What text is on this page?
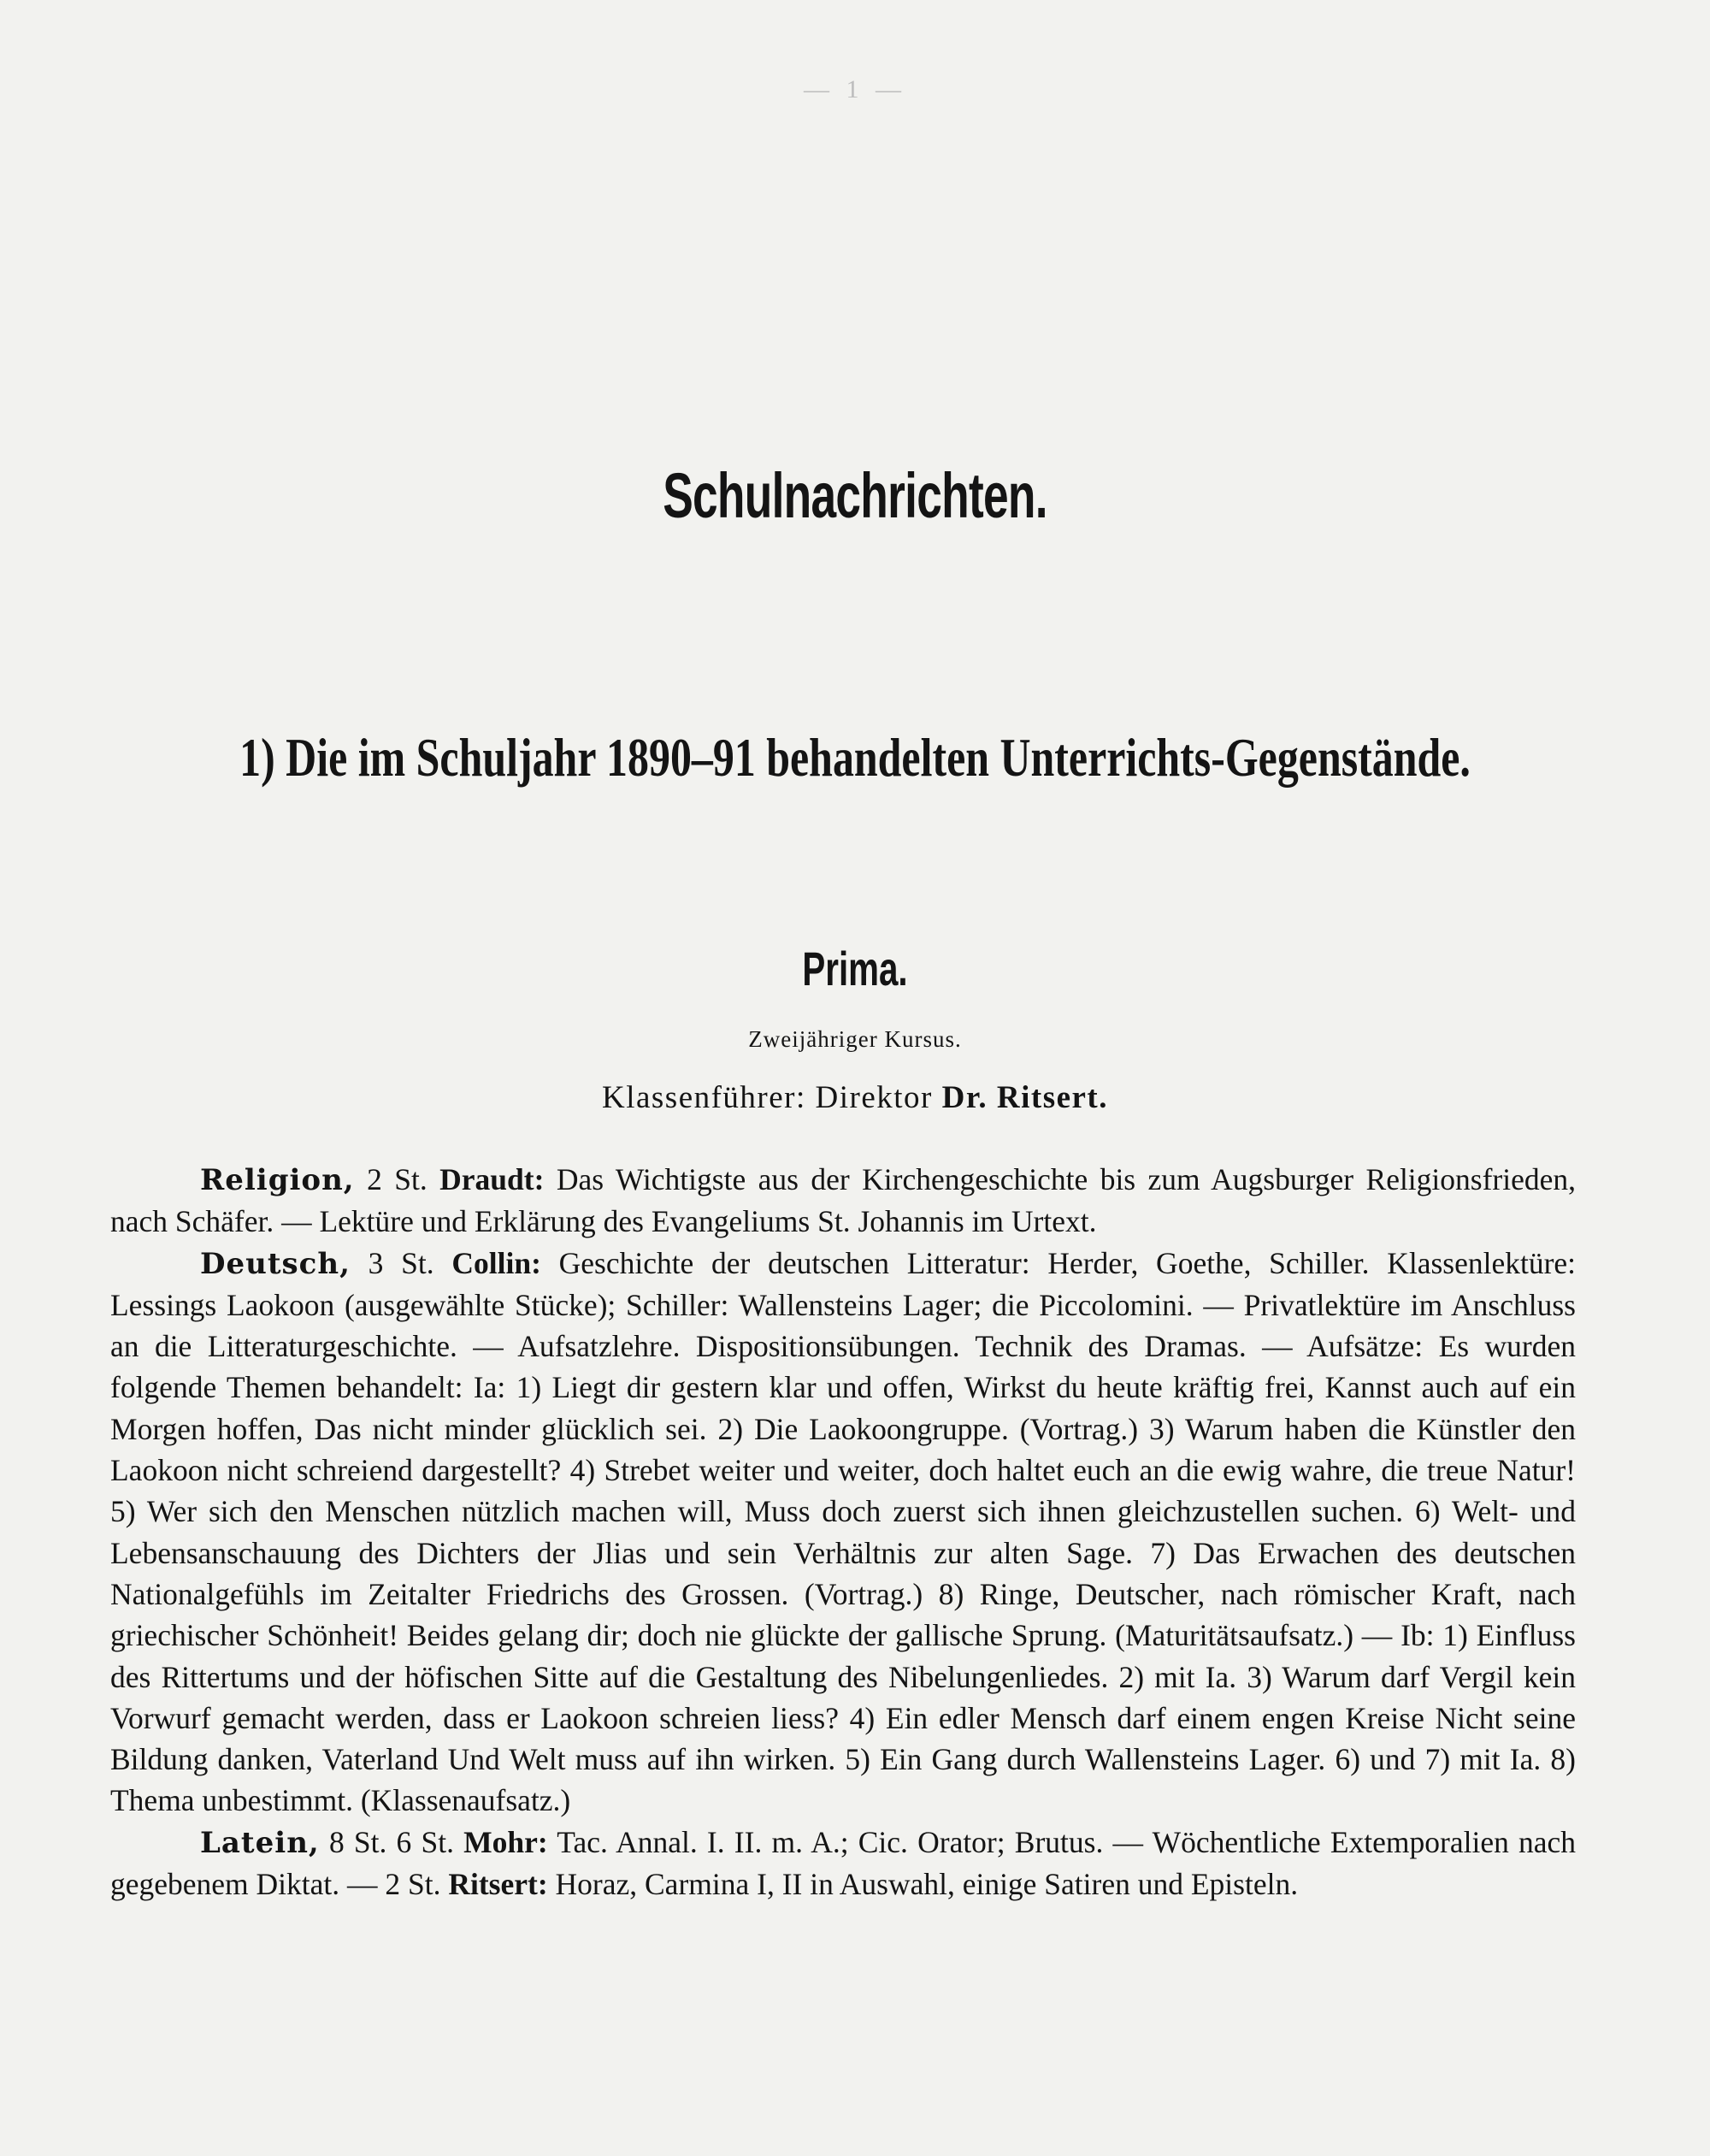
— 1 —
Schulnachrichten.
1) Die im Schuljahr 1890–91 behandelten Unterrichts-Gegenstände.
Prima.
Zweijähriger Kursus.
Klassenführer: Direktor Dr. Ritsert.

Religion, 2 St. Draudt: Das Wichtigste aus der Kirchengeschichte bis zum Augsburger Religionsfrieden, nach Schäfer. — Lektüre und Erklärung des Evangeliums St. Johannis im Urtext.

Deutsch, 3 St. Collin: Geschichte der deutschen Litteratur: Herder, Goethe, Schiller. Klassenlektüre: Lessings Laokoon (ausgewählte Stücke); Schiller: Wallensteins Lager; die Piccolomini. — Privatlektüre im Anschluss an die Litteraturgeschichte. — Aufsatzlehre. Dispositionsübungen. Technik des Dramas. — Aufsätze: Es wurden folgende Themen behandelt: Ia: 1) Liegt dir gestern klar und offen, Wirkst du heute kräftig frei, Kannst auch auf ein Morgen hoffen, Das nicht minder glücklich sei. 2) Die Laokoongruppe. (Vortrag.) 3) Warum haben die Künstler den Laokoon nicht schreiend dargestellt? 4) Strebet weiter und weiter, doch haltet euch an die ewig wahre, die treue Natur! 5) Wer sich den Menschen nützlich machen will, Muss doch zuerst sich ihnen gleichzustellen suchen. 6) Welt- und Lebensanschauung des Dichters der Jlias und sein Verhältnis zur alten Sage. 7) Das Erwachen des deutschen Nationalgefühls im Zeitalter Friedrichs des Grossen. (Vortrag.) 8) Ringe, Deutscher, nach römischer Kraft, nach griechischer Schönheit! Beides gelang dir; doch nie glückte der gallische Sprung. (Maturitätsaufsatz.) — Ib: 1) Einfluss des Rittertums und der höfischen Sitte auf die Gestaltung des Nibelungenliedes. 2) mit Ia. 3) Warum darf Vergil kein Vorwurf gemacht werden, dass er Laokoon schreien liess? 4) Ein edler Mensch darf einem engen Kreise Nicht seine Bildung danken, Vaterland Und Welt muss auf ihn wirken. 5) Ein Gang durch Wallensteins Lager. 6) und 7) mit Ia. 8) Thema unbestimmt. (Klassenaufsatz.)

Latein, 8 St. 6 St. Mohr: Tac. Annal. I. II. m. A.; Cic. Orator; Brutus. — Wöchentliche Extemporalien nach gegebenem Diktat. — 2 St. Ritsert: Horaz, Carmina I, II in Auswahl, einige Satiren und Episteln.
